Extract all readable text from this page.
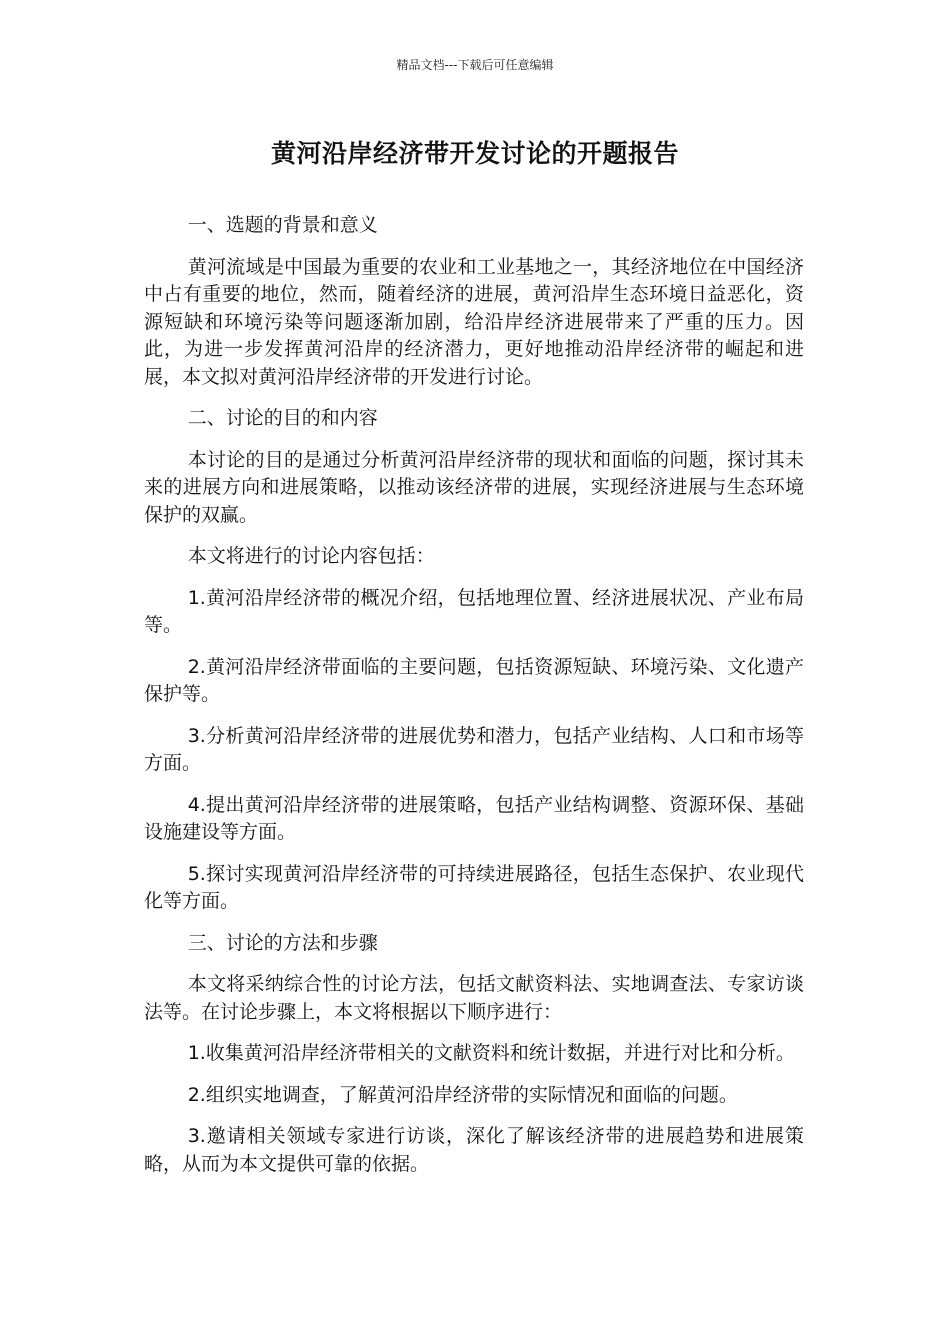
精品文档---下载后可任意编辑
黄河沿岸经济带开发讨论的开题报告
一、选题的背景和意义

黄河流域是中国最为重要的农业和工业基地之一，其经济地位在中国经济中占有重要的地位，然而，随着经济的进展，黄河沿岸生态环境日益恶化，资源短缺和环境污染等问题逐渐加剧，给沿岸经济进展带来了严重的压力。因此，为进一步发挥黄河沿岸的经济潜力，更好地推动沿岸经济带的崛起和进展，本文拟对黄河沿岸经济带的开发进行讨论。

二、讨论的目的和内容

本讨论的目的是通过分析黄河沿岸经济带的现状和面临的问题，探讨其未来的进展方向和进展策略，以推动该经济带的进展，实现经济进展与生态环境保护的双赢。

本文将进行的讨论内容包括：

1.黄河沿岸经济带的概况介绍，包括地理位置、经济进展状况、产业布局等。

2.黄河沿岸经济带面临的主要问题，包括资源短缺、环境污染、文化遗产保护等。

3.分析黄河沿岸经济带的进展优势和潜力，包括产业结构、人口和市场等方面。

4.提出黄河沿岸经济带的进展策略，包括产业结构调整、资源环保、基础设施建设等方面。

5.探讨实现黄河沿岸经济带的可持续进展路径，包括生态保护、农业现代化等方面。

三、讨论的方法和步骤

本文将采纳综合性的讨论方法，包括文献资料法、实地调查法、专家访谈法等。在讨论步骤上，本文将根据以下顺序进行：

1.收集黄河沿岸经济带相关的文献资料和统计数据，并进行对比和分析。

2.组织实地调查，了解黄河沿岸经济带的实际情况和面临的问题。

3.邀请相关领域专家进行访谈，深化了解该经济带的进展趋势和进展策略，从而为本文提供可靠的依据。
